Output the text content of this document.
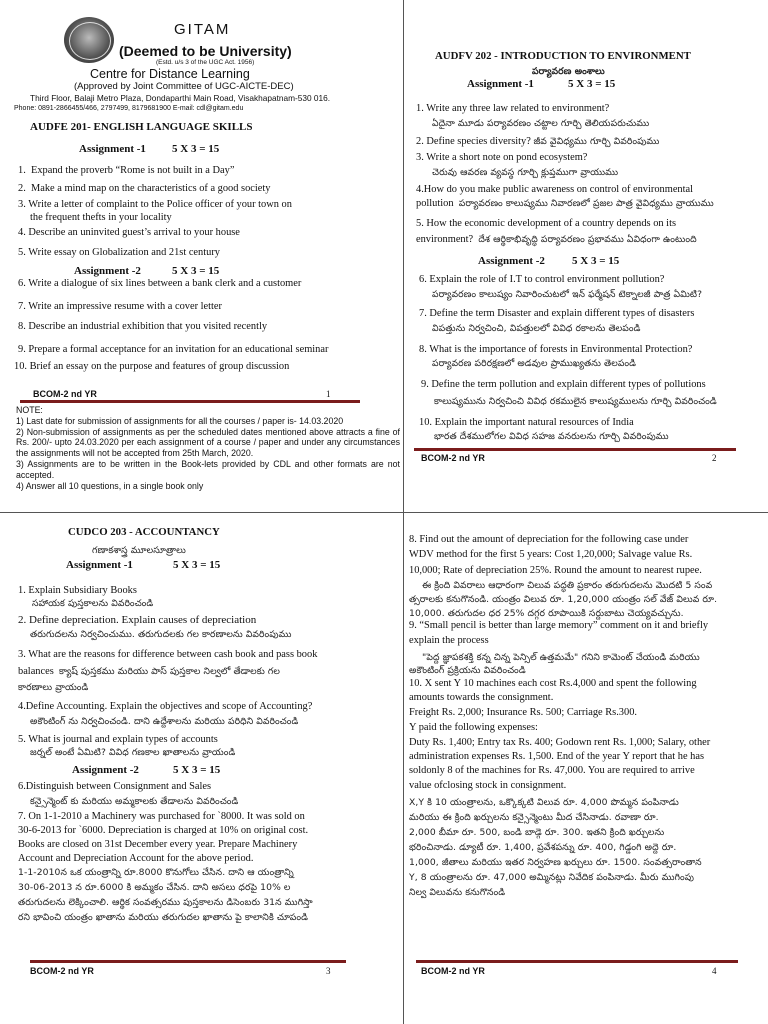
GITAM
(Deemed to be University)
(Estd. u/s 3 of the UGC Act. 1956)
Centre for Distance Learning
(Approved by Joint Committee of UGC-AICTE-DEC)
Third Floor, Balaji Metro Plaza, Dondaparthi Main Road, Visakhapatnam-530 016.
Phone: 0891-2866455/466, 2797499, 8179681900 E-mail: cdl@gitam.edu
AUDFE 201- ENGLISH LANGUAGE SKILLS
Assignment -1 5 X 3 = 15
1. Expand the proverb “Rome is not built in a Day”
2. Make a mind map on the characteristics of a good society
3. Write a letter of complaint to the Police officer of your town on
the frequent thefts in your locality
4. Describe an uninvited guest’s arrival to your house
5. Write essay on Globalization and 21st century
Assignment -2	5 X 3 = 15
6. Write a dialogue of six lines between a bank clerk and a customer
7. Write an impressive resume with a cover letter
8. Describe an industrial exhibition that you visited recently
9. Prepare a formal acceptance for an invitation for an educational seminar
10. Brief an essay on the purpose and features of group discussion
BCOM-2 nd YR	1
NOTE:
1) Last date for submission of assignments for all the courses / paper is- 14.03.2020
2) Non-submission of assignments as per the scheduled dates mentioned above attracts a fine of Rs. 200/- upto 24.03.2020 per each assignment of a course / paper and under any circumstances the assignments will not be accepted from 25th March, 2020.
3) Assignments are to be written in the Book-lets provided by CDL and other formats are not accepted.
4) Answer all 10 questions, in a single book only
AUDFV 202 - INTRODUCTION TO ENVIRONMENT
పర్యావరణ అంశాలు
Assignment -1	5 X 3 = 15
1. Write any three law related to environment?
ఏదైనా మూడు పర్యావరణం చట్టాల గూర్చి తెలియపరుచుము
2. Define species diversity? జీవ వైవిధ్యము గూర్చి వివరింపుము
3. Write a short note on pond ecosystem?
చెరువు ఆవరణ వ్యవస్థ గూర్చి క్లుప్తముగా వ్రాయుము
4.How do you make public awareness on control of environmental
pollution పర్యావరణం కాలుష్యము నివారణలో ప్రజల పాత్ర వైవిధ్యము వ్రాయుము
5. How the economic development of a country depends on its
environment? దేశ ఆర్థికాభివృద్ధి పర్యావరణం ప్రభావము ఏవిధంగా ఉంటుంది
Assignment -2 5 X 3 = 15
6. Explain the role of I.T to control environment pollution?
పర్యావరణం కాలుష్యం నివారించుటలో ఇన్ ఫర్మేషన్ టెక్నాలజీ పాత్ర ఏమిటి?
7. Define the term Disaster and explain different types of disasters
విపత్తును నిర్వచించి, విపత్తులలో వివిధ రకాలను తెలపండి
8. What is the importance of forests in Environmental Protection?
పర్యావరణ పరిరక్షణలో అడవుల ప్రాముఖ్యతను తెలపండి
9. Define the term pollution and explain different types of pollutions
కాలుష్యమును నిర్వచించి వివిధ రకములైన కాలుష్యములను గూర్చి వివరించండి
10. Explain the important natural resources of India
భారత దేశములోగల వివిధ సహజ వనరులను గూర్చి వివరింపుము
BCOM-2 nd YR	2
CUDCO 203 - ACCOUNTANCY
గణాకశాస్త్ర మూలసూత్రాలు
Assignment -1	5 X 3 = 15
1. Explain Subsidiary Books
సహాయక పుస్తకాలను వివరించండి
2. Define depreciation. Explain causes of depreciation
తరుగుదలను నిర్వచించుము. తరుగుదలకు గల కారణాలను వివరింపుము
3. What are the reasons for difference between cash book and pass book
balances క్యాష్ పుస్తకము మరియు పాస్ పుస్తకాల నిల్వలో తేడాలకు గల
కారణాలు వ్రాయండి
4.Define Accounting. Explain the objectives and scope of Accounting?
అకౌంటింగ్ ను నిర్వచించండి. దాని ఉద్దేశాలను మరియు పరిధిని వివరించండి
5. What is journal and explain types of accounts
జర్నల్ అంటే ఏమిటి? వివిధ గణకాల ఖాతాలను వ్రాయండి
Assignment -2	5 X 3 = 15
6.Distinguish between Consignment and Sales
కన్సైన్మెంట్ కు మరియు అమ్మకాలకు తేడాలను వివరించండి
7. On 1-1-2010 a Machinery was purchased for `8000. It was sold on
30-6-2013 for `6000. Depreciation is charged at 10% on original cost.
Books are closed on 31st December every year. Prepare Machinery
Account and Depreciation Account for the above period.
1-1-2010న ఒక యంత్రాన్ని రూ.8000 కొనుగోలు చేసిన. దాని ఆ యంత్రాన్ని
30-06-2013 న రూ.6000 కి అమ్మకం చేసిన. దాని అసలు ధరపై 10% ల
తరుగుదలను లెక్కించాలి. ఆర్థిక సంవత్సరము పుస్తకాలను డిసెంబరు 31న ముగిస్తా
రని భావించి యంత్రం ఖాతాను మరియు తరుగుదల ఖాతాను పై కాలానికి చూపండి
BCOM-2 nd YR	3
8. Find out the amount of depreciation for the following case under
WDV method for the first 5 years: Cost 1,20,000; Salvage value Rs.
10,000; Rate of depreciation 25%. Round the amount to nearest rupee.
ఈ క్రింది వివరాలు ఆధారంగా చిలువ పద్ధతి ప్రకారం తరుగుదలను మొదటి 5 సంవ
త్సరాలకు కనుగొనండి. యంత్రం విలువ రూ. 1,20,000 యంత్రం సల్ వేజ్ విలువ రూ.
10,000. తరుగుదల ధర 25% దగ్గర రూపాయికి సర్దుబాటు చెయ్యవచ్చును.
9. “Small pencil is better than large memory” comment on it and briefly
explain the process
"పెద్ద జ్ఞాపకశక్తి కన్న చిన్న పెన్సిల్ ఉత్తమమే" గనిని కామెంట్ చేయండి మరియు
అకౌంటింగ్ ప్రక్రియను వివరించండి
10. X sent Y 10 machines each cost Rs.4,000 and spent the following
amounts towards the consignment.
Freight Rs. 2,000; Insurance Rs. 500; Carriage Rs.300.
Y paid the following expenses:
Duty Rs. 1,400; Entry tax Rs. 400; Godown rent Rs. 1,000; Salary, other
administration expenses Rs. 1,500. End of the year Y report that he has
soldonly 8 of the machines for Rs. 47,000. You are required to arrive
value ofclosing stock in consignment.
X,Y కి 10 యంత్రాలను, ఒక్కొక్కటి విలువ రూ. 4,000 పొమ్మన పంపినాడు
మరియు ఈ క్రింది ఖర్చులను కన్సైన్మెంటు మీద చేసినాడు. రవాణా రూ.
2,000 బీమా రూ. 500, బండి బాడ్గె రూ. 300. ఇతని క్రింది ఖర్చులను
భరించినాడు. డ్యూటీ రూ. 1,400, ప్రవేశపన్ను రూ. 400, గిడ్డంగి అద్దె రూ.
1,000, జీతాలు మరియు ఇతర నిర్వహణ ఖర్చులు రూ. 1500. సంవత్సరాంతాన
Y, 8 యంత్రాలను రూ. 47,000 అమ్మినట్లు నివేదిక పంపినాడు. మీరు ముగింపు
నిల్వ విలువను కనుగొనండి
BCOM-2 nd YR	4
